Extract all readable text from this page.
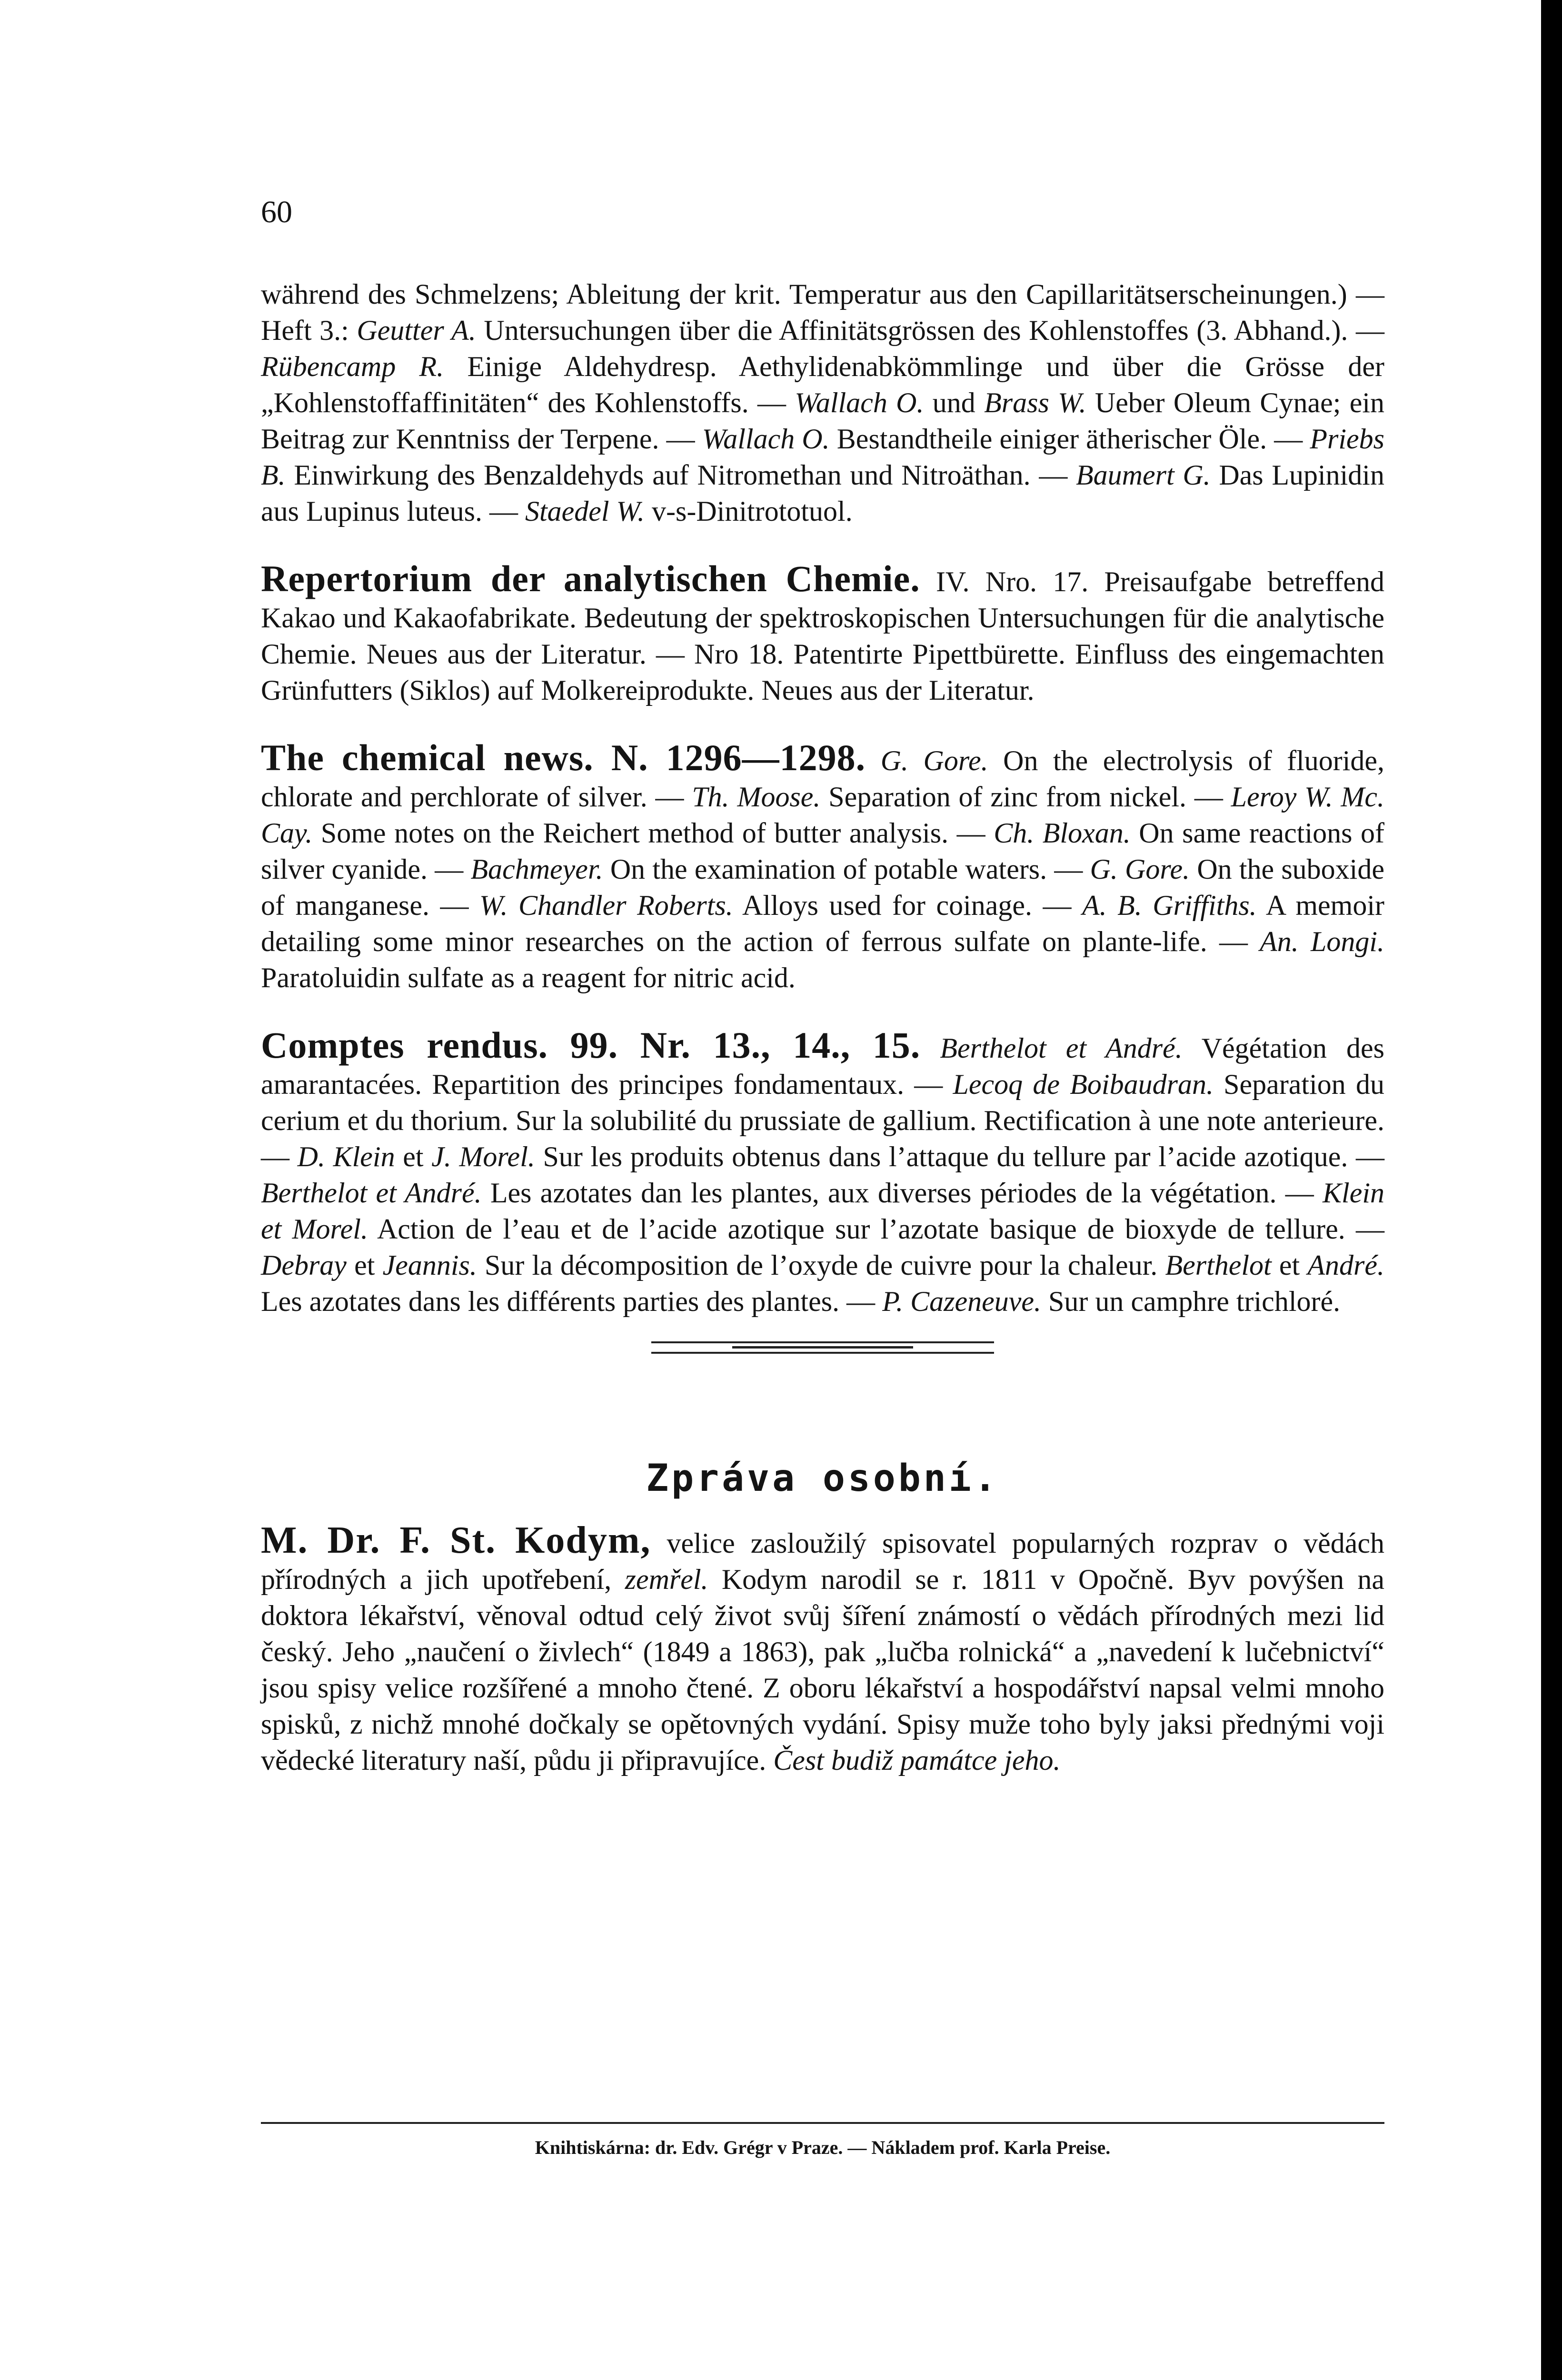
60

während des Schmelzens; Ableitung der krit. Temperatur aus den Capillaritätserscheinungen.) — Heft 3.: Geutter A. Untersuchungen über die Affinitätsgrössen des Kohlenstoffes (3. Abhand.). — Rübencamp R. Einige Aldehydresp. Aethylidenabkömmlinge und über die Grösse der „Kohlenstoffaffinitäten“ des Kohlenstoffs. — Wallach O. und Brass W. Ueber Oleum Cynae; ein Beitrag zur Kenntniss der Terpene. — Wallach O. Bestandtheile einiger ätherischer Öle. — Priebs B. Einwirkung des Benzaldehyds auf Nitromethan und Nitroäthan. — Baumert G. Das Lupinidin aus Lupinus luteus. — Staedel W. v-s-Dinitrototuol.

Repertorium der analytischen Chemie. IV. Nro. 17. Preisaufgabe betreffend Kakao und Kakaofabrikate. Bedeutung der spektroskopischen Untersuchungen für die analytische Chemie. Neues aus der Literatur. — Nro 18. Patentirte Pipettbürette. Einfluss des eingemachten Grünfutters (Siklos) auf Molkereiprodukte. Neues aus der Literatur.

The chemical news. N. 1296—1298. G. Gore. On the electrolysis of fluoride, chlorate and perchlorate of silver. — Th. Moose. Separation of zinc from nickel. — Leroy W. Mc. Cay. Some notes on the Reichert method of butter analysis. — Ch. Bloxan. On same reactions of silver cyanide. — Bachmeyer. On the examination of potable waters. — G. Gore. On the suboxide of manganese. — W. Chandler Roberts. Alloys used for coinage. — A. B. Griffiths. A memoir detailing some minor researches on the action of ferrous sulfate on plante-life. — An. Longi. Paratoluidin sulfate as a reagent for nitric acid.

Comptes rendus. 99. Nr. 13., 14., 15. Berthelot et André. Végétation des amarantacées. Repartition des principes fondamentaux. — Lecoq de Boibaudran. Separation du cerium et du thorium. Sur la solubilité du prussiate de gallium. Rectification à une note anterieure. — D. Klein et J. Morel. Sur les produits obtenus dans l’attaque du tellure par l’acide azotique. — Berthelot et André. Les azotates dan les plantes, aux diverses périodes de la végétation. — Klein et Morel. Action de l’eau et de l’acide azotique sur l’azotate basique de bioxyde de tellure. — Debray et Jeannis. Sur la décomposition de l’oxyde de cuivre pour la chaleur. Berthelot et André. Les azotates dans les différents parties des plantes. — P. Cazeneuve. Sur un camphre trichloré.

Zpráva osobní.

M. Dr. F. St. Kodym, velice zasloužilý spisovatel popularných rozprav o vědách přírodných a jich upotřebení, zemřel. Kodym narodil se r. 1811 v Opočně. Byv povýšen na doktora lékařství, věnoval odtud celý život svůj šíření známostí o vědách přírodných mezi lid český. Jeho „naučení o živlech“ (1849 a 1863), pak „lučba rolnická“ a „navedení k lučebnictví“ jsou spisy velice rozšířené a mnoho čtené. Z oboru lékařství a hospodářství napsal velmi mnoho spisků, z nichž mnohé dočkaly se opětovných vydání. Spisy muže toho byly jaksi přednými voji vědecké literatury naší, půdu ji připravujíce. Čest budiž památce jeho.

Knihtiskárna: dr. Edv. Grégr v Praze. — Nákladem prof. Karla Preise.
